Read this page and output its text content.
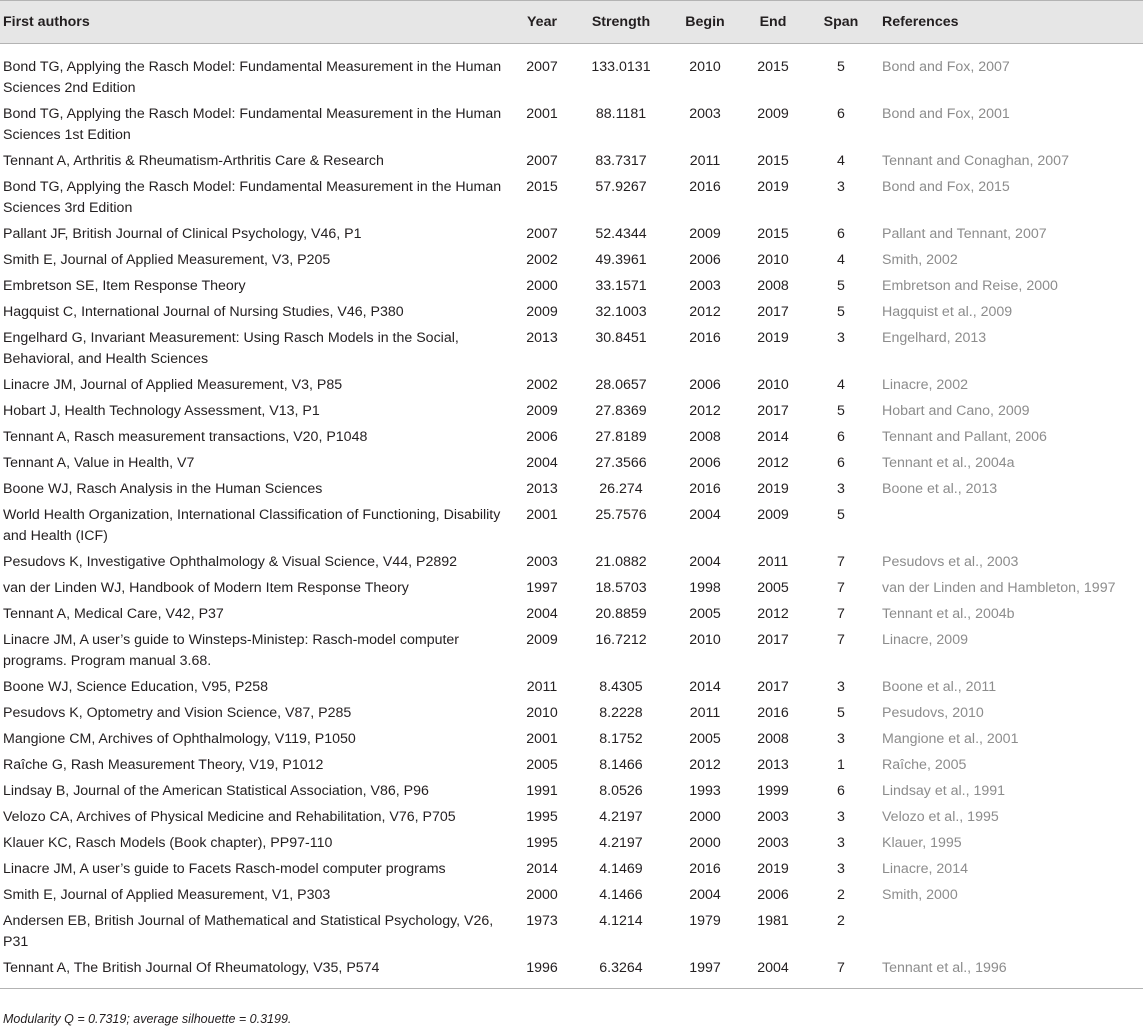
First authors	Year	Strength	Begin	End	Span	References
Bond TG, Applying the Rasch Model: Fundamental Measurement in the Human Sciences 2nd Edition	2007	133.0131	2010	2015	5	Bond and Fox, 2007
Bond TG, Applying the Rasch Model: Fundamental Measurement in the Human Sciences 1st Edition	2001	88.1181	2003	2009	6	Bond and Fox, 2001
Tennant A, Arthritis & Rheumatism-Arthritis Care & Research	2007	83.7317	2011	2015	4	Tennant and Conaghan, 2007
Bond TG, Applying the Rasch Model: Fundamental Measurement in the Human Sciences 3rd Edition	2015	57.9267	2016	2019	3	Bond and Fox, 2015
Pallant JF, British Journal of Clinical Psychology, V46, P1	2007	52.4344	2009	2015	6	Pallant and Tennant, 2007
Smith E, Journal of Applied Measurement, V3, P205	2002	49.3961	2006	2010	4	Smith, 2002
Embretson SE, Item Response Theory	2000	33.1571	2003	2008	5	Embretson and Reise, 2000
Hagquist C, International Journal of Nursing Studies, V46, P380	2009	32.1003	2012	2017	5	Hagquist et al., 2009
Engelhard G, Invariant Measurement: Using Rasch Models in the Social, Behavioral, and Health Sciences	2013	30.8451	2016	2019	3	Engelhard, 2013
Linacre JM, Journal of Applied Measurement, V3, P85	2002	28.0657	2006	2010	4	Linacre, 2002
Hobart J, Health Technology Assessment, V13, P1	2009	27.8369	2012	2017	5	Hobart and Cano, 2009
Tennant A, Rasch measurement transactions, V20, P1048	2006	27.8189	2008	2014	6	Tennant and Pallant, 2006
Tennant A, Value in Health, V7	2004	27.3566	2006	2012	6	Tennant et al., 2004a
Boone WJ, Rasch Analysis in the Human Sciences	2013	26.274	2016	2019	3	Boone et al., 2013
World Health Organization, International Classification of Functioning, Disability and Health (ICF)	2001	25.7576	2004	2009	5	
Pesudovs K, Investigative Ophthalmology & Visual Science, V44, P2892	2003	21.0882	2004	2011	7	Pesudovs et al., 2003
van der Linden WJ, Handbook of Modern Item Response Theory	1997	18.5703	1998	2005	7	van der Linden and Hambleton, 1997
Tennant A, Medical Care, V42, P37	2004	20.8859	2005	2012	7	Tennant et al., 2004b
Linacre JM, A user’s guide to Winsteps-Ministep: Rasch-model computer programs. Program manual 3.68.	2009	16.7212	2010	2017	7	Linacre, 2009
Boone WJ, Science Education, V95, P258	2011	8.4305	2014	2017	3	Boone et al., 2011
Pesudovs K, Optometry and Vision Science, V87, P285	2010	8.2228	2011	2016	5	Pesudovs, 2010
Mangione CM, Archives of Ophthalmology, V119, P1050	2001	8.1752	2005	2008	3	Mangione et al., 2001
Raîche G, Rash Measurement Theory, V19, P1012	2005	8.1466	2012	2013	1	Raîche, 2005
Lindsay B, Journal of the American Statistical Association, V86, P96	1991	8.0526	1993	1999	6	Lindsay et al., 1991
Velozo CA, Archives of Physical Medicine and Rehabilitation, V76, P705	1995	4.2197	2000	2003	3	Velozo et al., 1995
Klauer KC, Rasch Models (Book chapter), PP97-110	1995	4.2197	2000	2003	3	Klauer, 1995
Linacre JM, A user’s guide to Facets Rasch-model computer programs	2014	4.1469	2016	2019	3	Linacre, 2014
Smith E, Journal of Applied Measurement, V1, P303	2000	4.1466	2004	2006	2	Smith, 2000
Andersen EB, British Journal of Mathematical and Statistical Psychology, V26, P31	1973	4.1214	1979	1981	2	
Tennant A, The British Journal Of Rheumatology, V35, P574	1996	6.3264	1997	2004	7	Tennant et al., 1996
Modularity Q = 0.7319; average silhouette = 0.3199.
